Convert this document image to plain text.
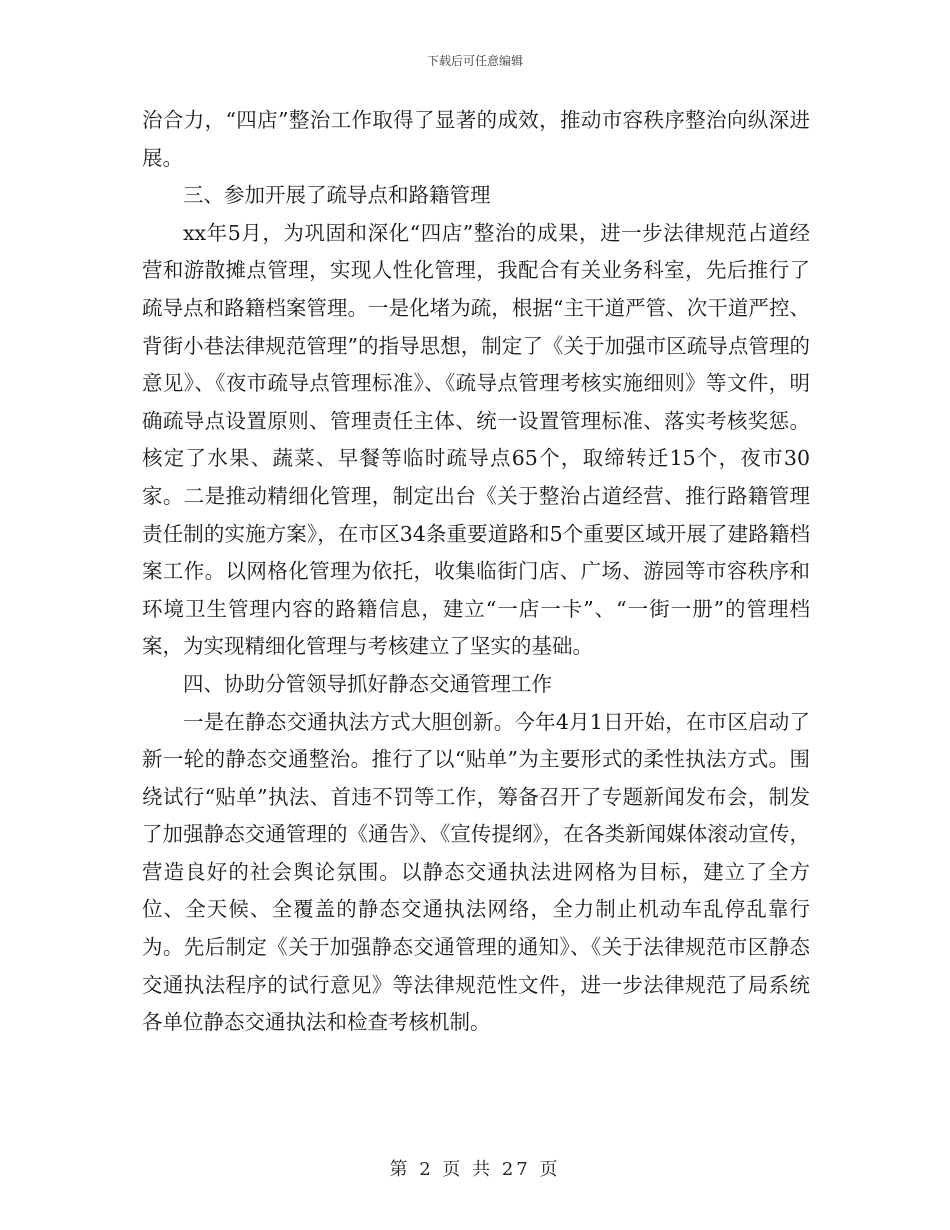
下载后可任意编辑

治合力，“四店”整治工作取得了显著的成效，推动市容秩序整治向纵深进展。

三、参加开展了疏导点和路籍管理

xx年5月，为巩固和深化“四店”整治的成果，进一步法律规范占道经营和游散摊点管理，实现人性化管理，我配合有关业务科室，先后推行了疏导点和路籍档案管理。一是化堵为疏，根据“主干道严管、次干道严控、背街小巷法律规范管理”的指导思想，制定了《关于加强市区疏导点管理的意见》、《夜市疏导点管理标准》、《疏导点管理考核实施细则》等文件，明确疏导点设置原则、管理责任主体、统一设置管理标准、落实考核奖惩。核定了水果、蔬菜、早餐等临时疏导点65个，取缔转迁15个，夜市30家。二是推动精细化管理，制定出台《关于整治占道经营、推行路籍管理责任制的实施方案》，在市区34条重要道路和5个重要区域开展了建路籍档案工作。以网格化管理为依托，收集临街门店、广场、游园等市容秩序和环境卫生管理内容的路籍信息，建立“一店一卡”、“一街一册”的管理档案，为实现精细化管理与考核建立了坚实的基础。

四、协助分管领导抓好静态交通管理工作

一是在静态交通执法方式大胆创新。今年4月1日开始，在市区启动了新一轮的静态交通整治。推行了以“贴单”为主要形式的柔性执法方式。围绕试行“贴单”执法、首违不罚等工作，筹备召开了专题新闻发布会，制发了加强静态交通管理的《通告》、《宣传提纲》，在各类新闻媒体滚动宣传，营造良好的社会舆论氛围。以静态交通执法进网格为目标，建立了全方位、全天候、全覆盖的静态交通执法网络，全力制止机动车乱停乱靠行为。先后制定《关于加强静态交通管理的通知》、《关于法律规范市区静态交通执法程序的试行意见》等法律规范性文件，进一步法律规范了局系统各单位静态交通执法和检查考核机制。

第 2 页 共 27 页
